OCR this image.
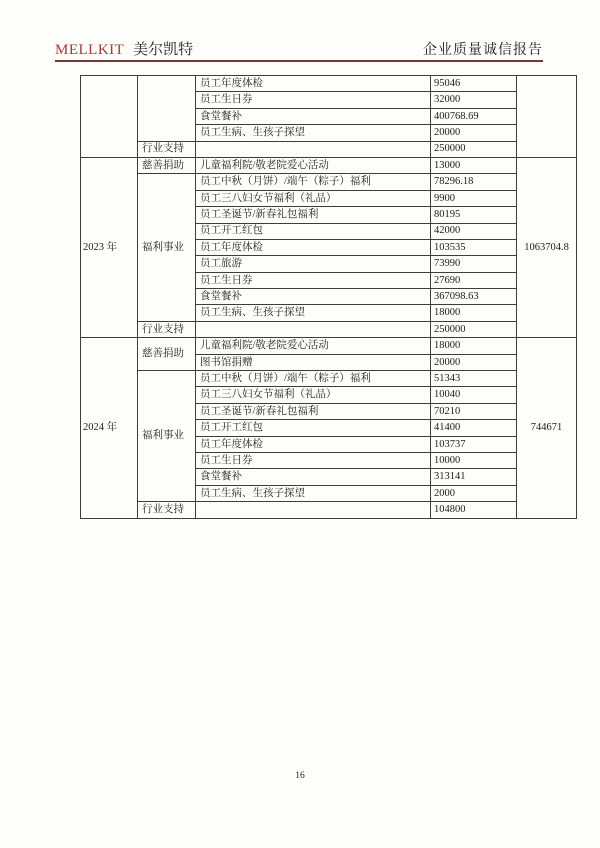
MELLKIT 美尔凯特	企业质量诚信报告
		员工年度体检	95046	
		员工生日券	32000	
		食堂餐补	400768.69	
		员工生病、生孩子探望	20000	
	行业支持		250000	
2023 年	慈善捐助	儿童福利院/敬老院爱心活动	13000	1063704.8
	福利事业	员工中秋（月饼）/端午（粽子）福利	78296.18	
		员工三八妇女节福利（礼品）	9900	
		员工圣诞节/新春礼包福利	80195	
		员工开工红包	42000	
		员工年度体检	103535	
		员工旅游	73990	
		员工生日券	27690	
		食堂餐补	367098.63	
		员工生病、生孩子探望	18000	
	行业支持		250000	
2024 年	慈善捐助	儿童福利院/敬老院爱心活动	18000	744671
		图书馆捐赠	20000	
	福利事业	员工中秋（月饼）/端午（粽子）福利	51343	
		员工三八妇女节福利（礼品）	10040	
		员工圣诞节/新春礼包福利	70210	
		员工开工红包	41400	
		员工年度体检	103737	
		员工生日券	10000	
		食堂餐补	313141	
		员工生病、生孩子探望	2000	
	行业支持		104800	
16
